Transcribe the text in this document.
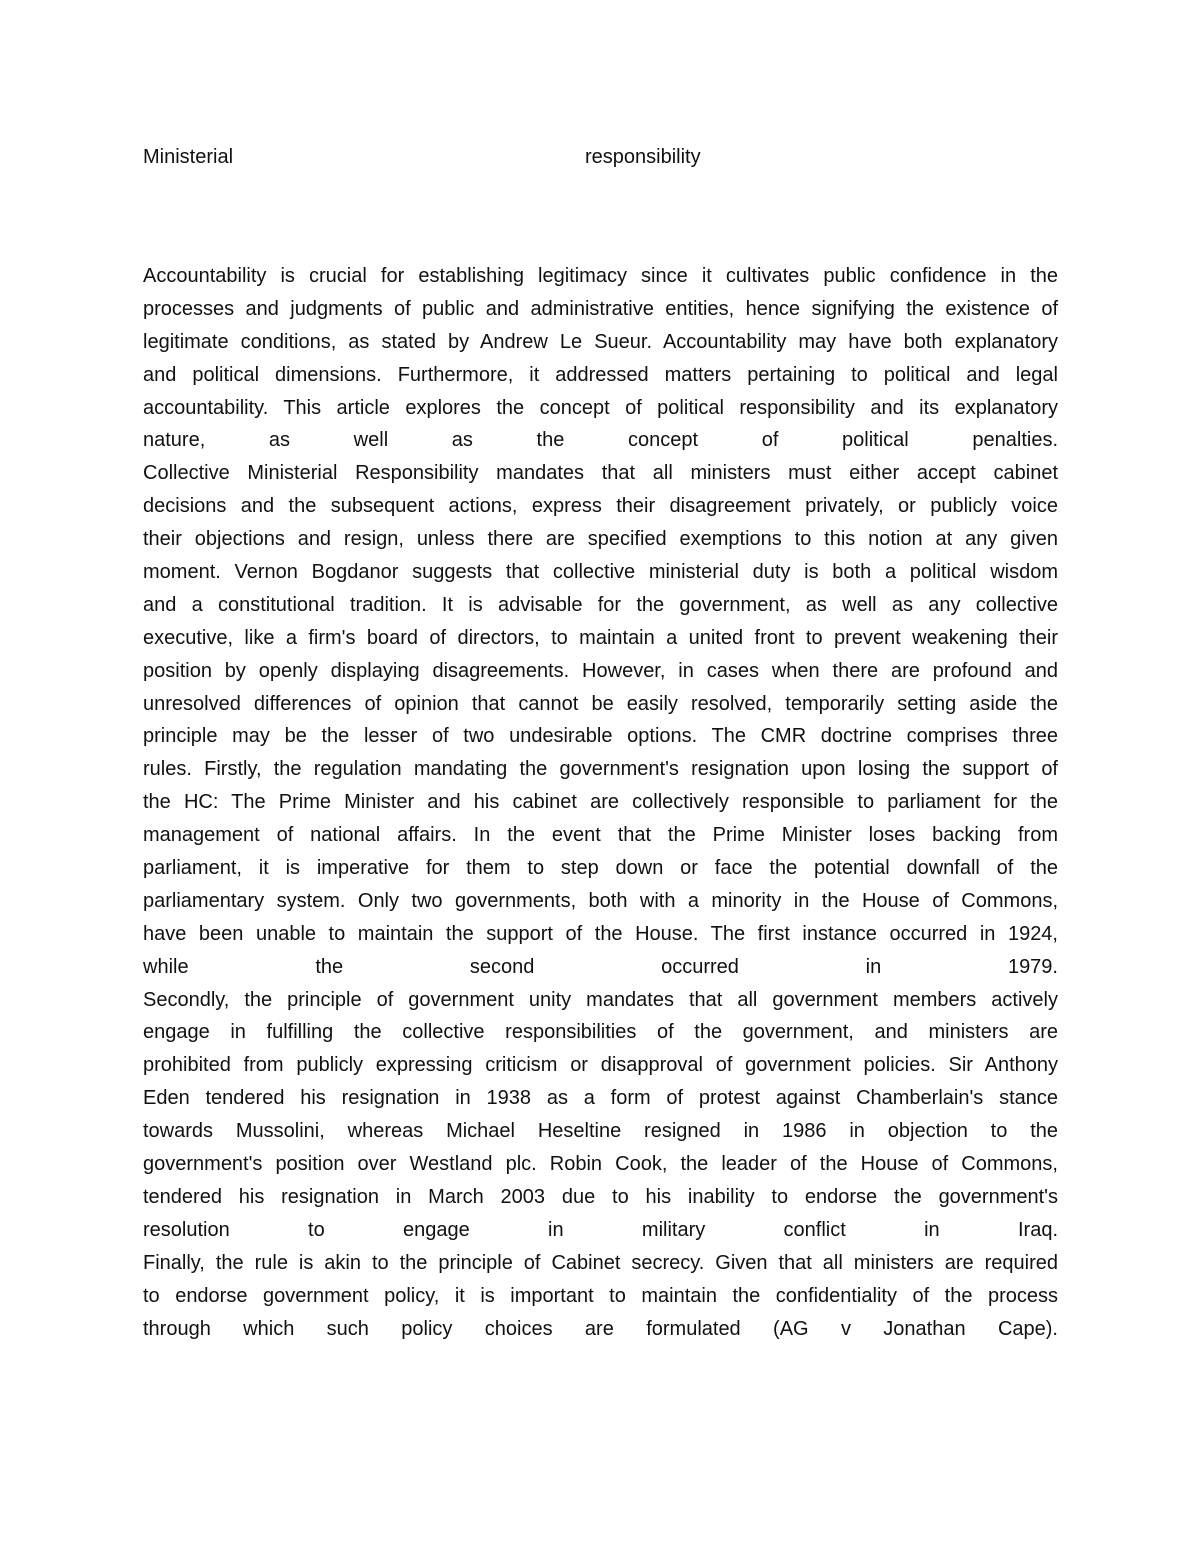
Ministerial	responsibility
Accountability is crucial for establishing legitimacy since it cultivates public confidence in the
processes and judgments of public and administrative entities, hence signifying the existence of
legitimate conditions, as stated by Andrew Le Sueur. Accountability may have both explanatory
and political dimensions. Furthermore, it addressed matters pertaining to political and legal
accountability. This article explores the concept of political responsibility and its explanatory
nature, as well as the concept of political penalties.
Collective Ministerial Responsibility mandates that all ministers must either accept cabinet
decisions and the subsequent actions, express their disagreement privately, or publicly voice
their objections and resign, unless there are specified exemptions to this notion at any given
moment. Vernon Bogdanor suggests that collective ministerial duty is both a political wisdom
and a constitutional tradition. It is advisable for the government, as well as any collective
executive, like a firm's board of directors, to maintain a united front to prevent weakening their
position by openly displaying disagreements. However, in cases when there are profound and
unresolved differences of opinion that cannot be easily resolved, temporarily setting aside the
principle may be the lesser of two undesirable options. The CMR doctrine comprises three
rules. Firstly, the regulation mandating the government's resignation upon losing the support of
the HC: The Prime Minister and his cabinet are collectively responsible to parliament for the
management of national affairs. In the event that the Prime Minister loses backing from
parliament, it is imperative for them to step down or face the potential downfall of the
parliamentary system. Only two governments, both with a minority in the House of Commons,
have been unable to maintain the support of the House. The first instance occurred in 1924,
while the second occurred in 1979.
Secondly, the principle of government unity mandates that all government members actively
engage in fulfilling the collective responsibilities of the government, and ministers are
prohibited from publicly expressing criticism or disapproval of government policies. Sir Anthony
Eden tendered his resignation in 1938 as a form of protest against Chamberlain's stance
towards Mussolini, whereas Michael Heseltine resigned in 1986 in objection to the
government's position over Westland plc. Robin Cook, the leader of the House of Commons,
tendered his resignation in March 2003 due to his inability to endorse the government's
resolution to engage in military conflict in Iraq.
Finally, the rule is akin to the principle of Cabinet secrecy. Given that all ministers are required
to endorse government policy, it is important to maintain the confidentiality of the process
through which such policy choices are formulated (AG v Jonathan Cape).
